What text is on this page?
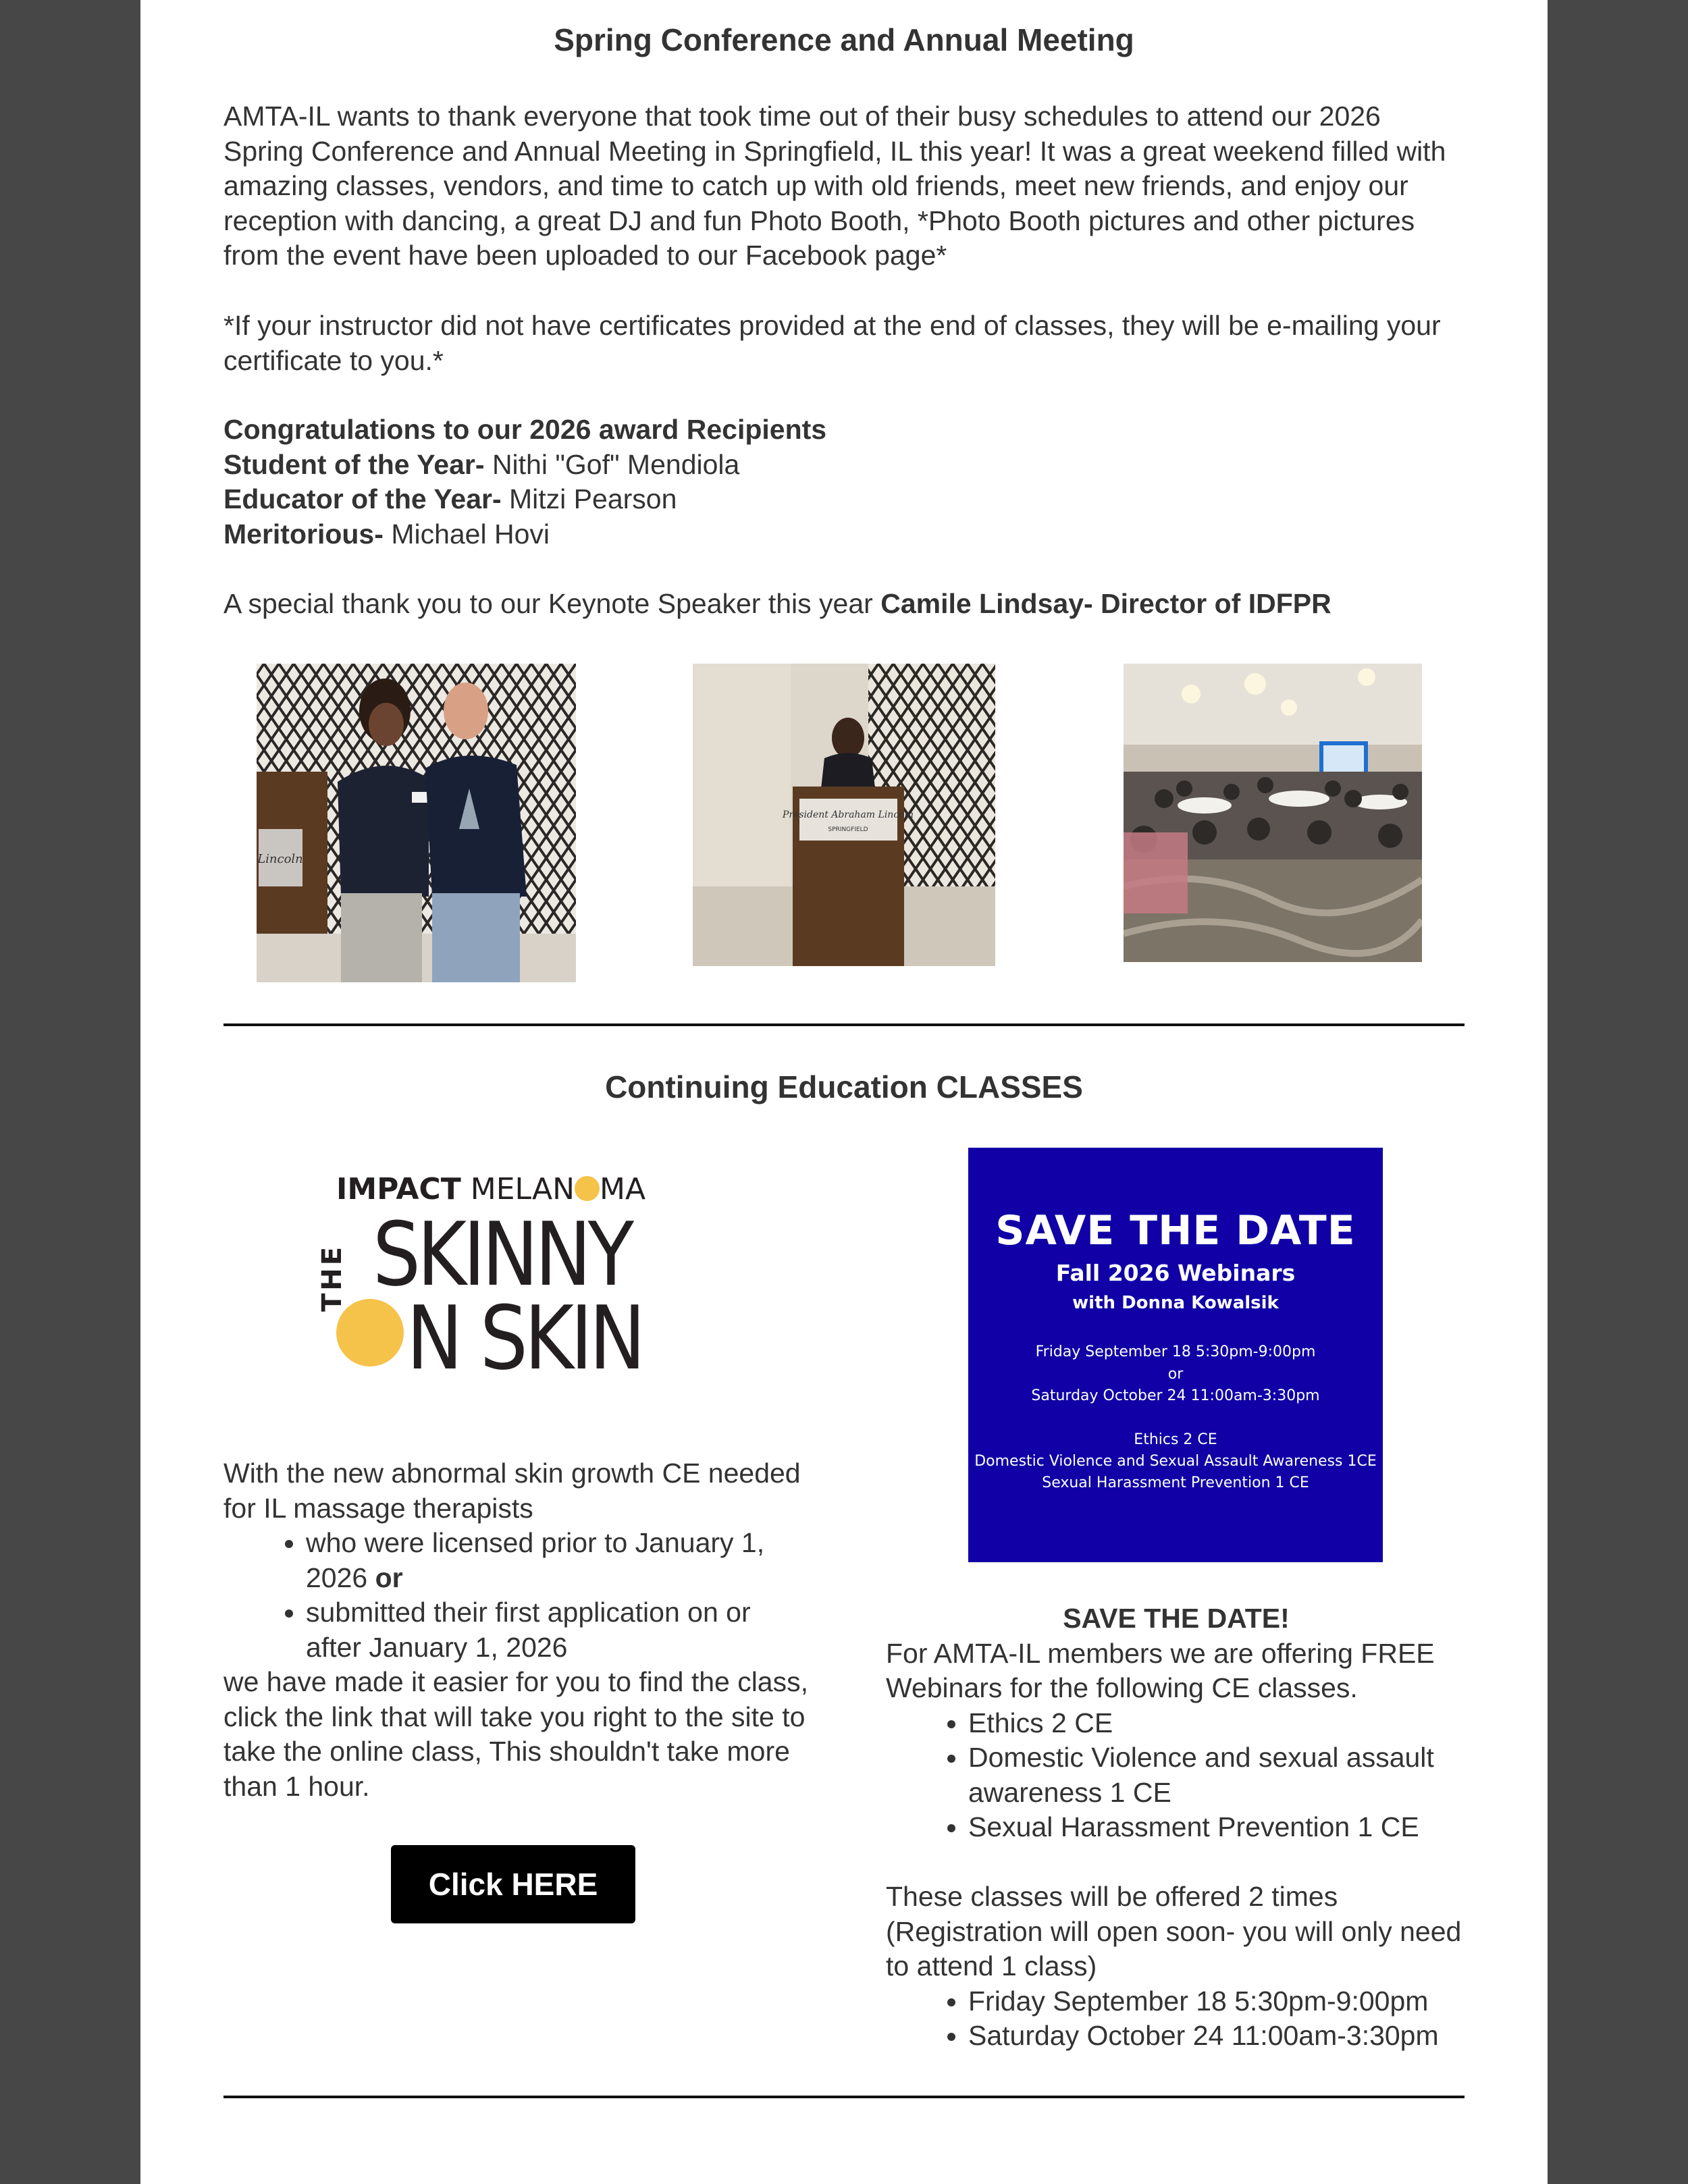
Spring Conference and Annual Meeting

AMTA-IL wants to thank everyone that took time out of their busy schedules to attend our 2026 Spring Conference and Annual Meeting in Springfield, IL this year! It was a great weekend filled with amazing classes, vendors, and time to catch up with old friends, meet new friends, and enjoy our reception with dancing, a great DJ and fun Photo Booth, *Photo Booth pictures and other pictures from the event have been uploaded to our Facebook page*

*If your instructor did not have certificates provided at the end of classes, they will be e-mailing your certificate to you.*

Congratulations to our 2026 award Recipients
Student of the Year- Nithi "Gof" Mendiola
Educator of the Year- Mitzi Pearson
Meritorious- Michael Hovi

A special thank you to our Keynote Speaker this year Camile Lindsay- Director of IDFPR

Lincoln
President Abraham Lincoln
SPRINGFIELD
Continuing Education CLASSES
IMPACT MELAN MA
THE SKINNY
N SKIN

With the new abnormal skin growth CE needed for IL massage therapists

• who were licensed prior to January 1, 2026 or
• submitted their first application on or after January 1, 2026

we have made it easier for you to find the class, click the link that will take you right to the site to take the online class, This shouldn't take more than 1 hour.

Click HERE
SAVE THE DATE
Fall 2026 Webinars
with Donna Kowalsik
Friday September 18 5:30pm-9:00pm
or
Saturday October 24 11:00am-3:30pm
Ethics 2 CE
Domestic Violence and Sexual Assault Awareness 1CE
Sexual Harassment Prevention 1 CE
SAVE THE DATE!

For AMTA-IL members we are offering FREE Webinars for the following CE classes.

• Ethics 2 CE
• Domestic Violence and sexual assault awareness 1 CE
• Sexual Harassment Prevention 1 CE

These classes will be offered 2 times (Registration will open soon- you will only need to attend 1 class)

• Friday September 18 5:30pm-9:00pm
• Saturday October 24 11:00am-3:30pm
